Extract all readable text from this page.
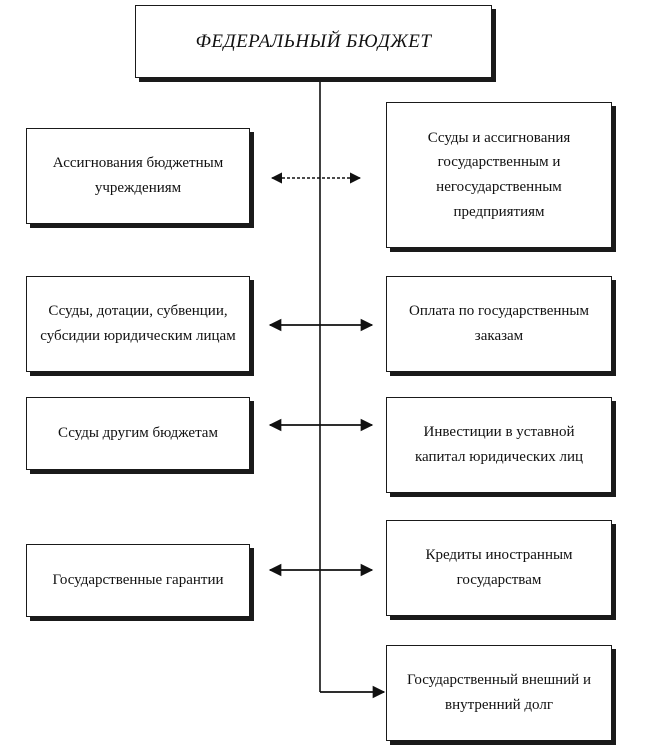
ФЕДЕРАЛЬНЫЙ БЮДЖЕТ
Ассигнования бюджетным учреждениям
Ссуды, дотации, субвенции, субсидии юридическим лицам
Ссуды другим бюджетам
Государственные гарантии
Ссуды и ассигнования государственным и негосударственным предприятиям
Оплата по государственным заказам
Инвестиции в уставной капитал юридических лиц
Кредиты иностранным государствам
Государственный внешний и внутренний долг
